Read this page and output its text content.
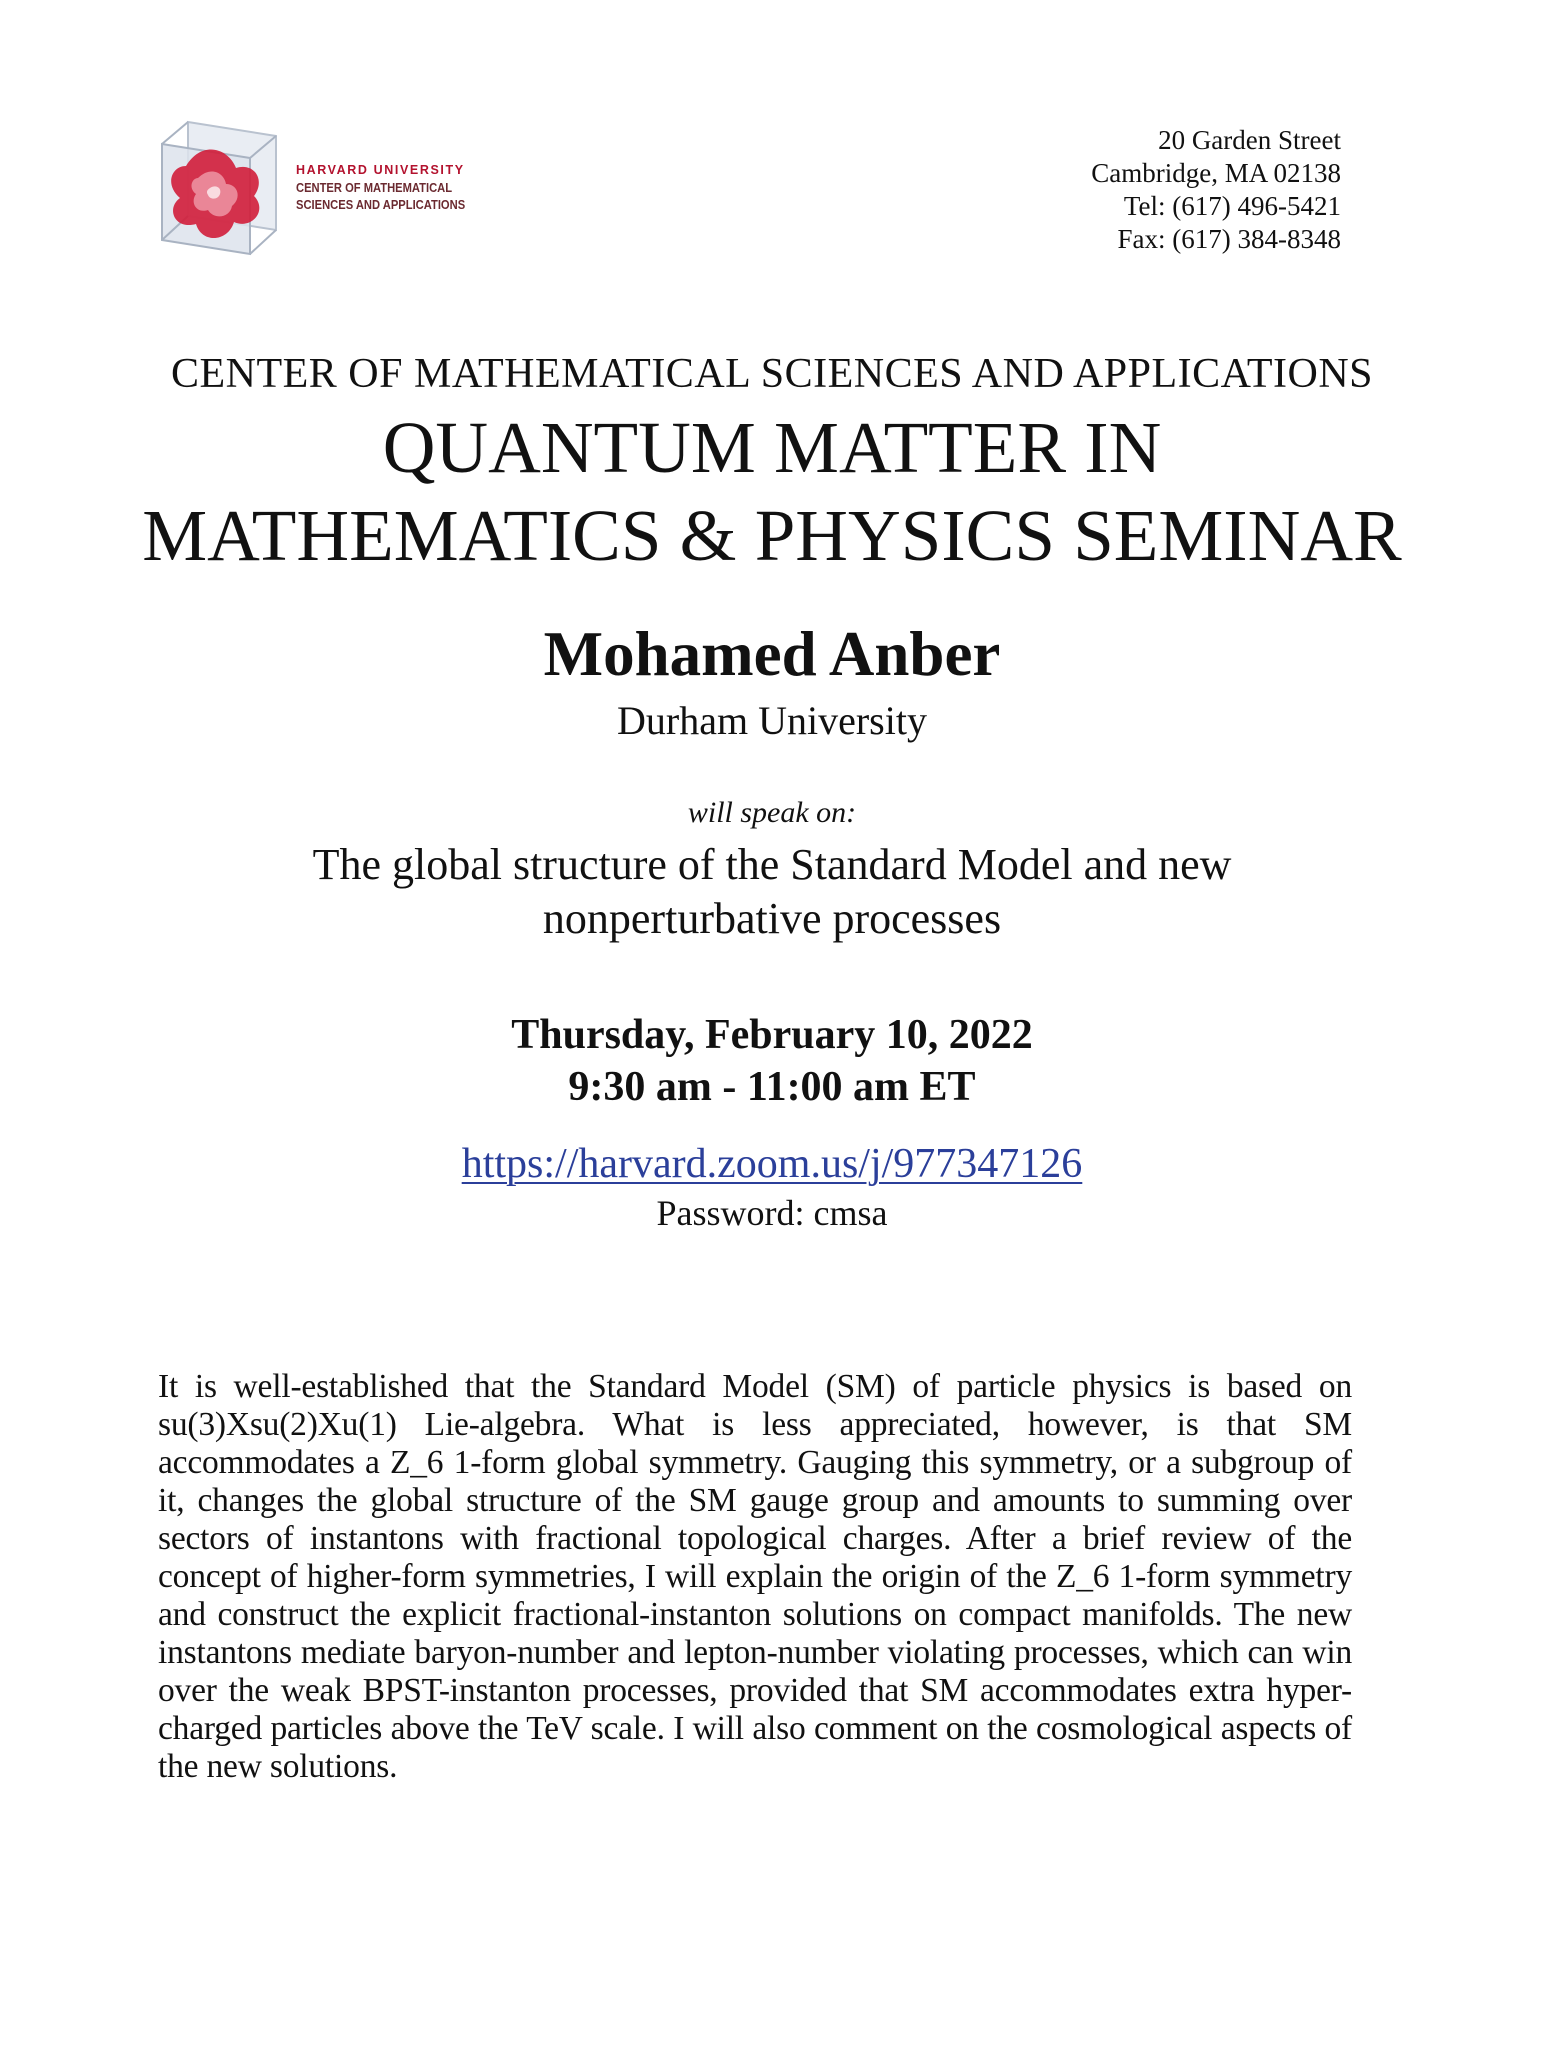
HARVARD UNIVERSITY
CENTER OF MATHEMATICAL
SCIENCES AND APPLICATIONS
20 Garden Street
Cambridge, MA 02138
Tel: (617) 496-5421
Fax: (617) 384-8348
CENTER OF MATHEMATICAL SCIENCES AND APPLICATIONS
QUANTUM MATTER IN
MATHEMATICS & PHYSICS SEMINAR
Mohamed Anber
Durham University
will speak on:
The global structure of the Standard Model and new
nonperturbative processes
Thursday, February 10, 2022
9:30 am - 11:00 am ET
https://harvard.zoom.us/j/977347126
Password: cmsa

It is well-established that the Standard Model (SM) of particle physics is based on su(3)Xsu(2)Xu(1) Lie-algebra. What is less appreciated, however, is that SM accommodates a Z_6 1-form global symmetry. Gauging this symmetry, or a subgroup of it, changes the global structure of the SM gauge group and amounts to summing over sectors of instantons with fractional topological charges. After a brief review of the concept of higher-form symmetries, I will explain the origin of the Z_6 1-form symmetry and construct the explicit fractional-instanton solutions on compact manifolds. The new instantons mediate baryon-number and lepton-number violating processes, which can win over the weak BPST-instanton processes, provided that SM accommodates extra hyper-charged particles above the TeV scale. I will also comment on the cosmological aspects of the new solutions.
